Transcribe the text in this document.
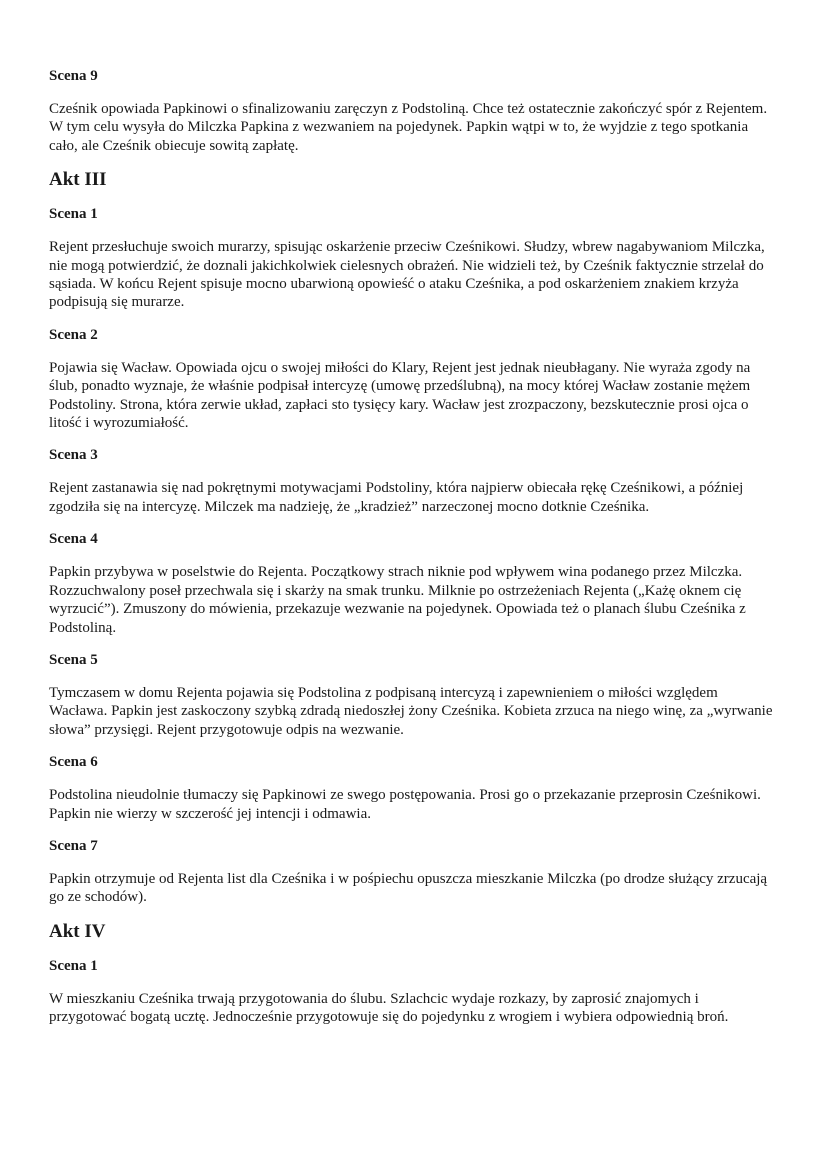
Scena 9

Cześnik opowiada Papkinowi o sfinalizowaniu zaręczyn z Podstoliną. Chce też ostatecznie zakończyć spór z Rejentem. W tym celu wysyła do Milczka Papkina z wezwaniem na pojedynek. Papkin wątpi w to, że wyjdzie z tego spotkania cało, ale Cześnik obiecuje sowitą zapłatę.

Akt III
Scena 1

Rejent przesłuchuje swoich murarzy, spisując oskarżenie przeciw Cześnikowi. Słudzy, wbrew nagabywaniom Milczka, nie mogą potwierdzić, że doznali jakichkolwiek cielesnych obrażeń. Nie widzieli też, by Cześnik faktycznie strzelał do sąsiada. W końcu Rejent spisuje mocno ubarwioną opowieść o ataku Cześnika, a pod oskarżeniem znakiem krzyża podpisują się murarze.

Scena 2

Pojawia się Wacław. Opowiada ojcu o swojej miłości do Klary, Rejent jest jednak nieubłagany. Nie wyraża zgody na ślub, ponadto wyznaje, że właśnie podpisał intercyzę (umowę przedślubną), na mocy której Wacław zostanie mężem Podstoliny. Strona, która zerwie układ, zapłaci sto tysięcy kary. Wacław jest zrozpaczony, bezskutecznie prosi ojca o litość i wyrozumiałość.

Scena 3

Rejent zastanawia się nad pokrętnymi motywacjami Podstoliny, która najpierw obiecała rękę Cześnikowi, a później zgodziła się na intercyzę. Milczek ma nadzieję, że „kradzież” narzeczonej mocno dotknie Cześnika.

Scena 4

Papkin przybywa w poselstwie do Rejenta. Początkowy strach niknie pod wpływem wina podanego przez Milczka. Rozzuchwalony poseł przechwala się i skarży na smak trunku. Milknie po ostrzeżeniach Rejenta („Każę oknem cię wyrzucić”). Zmuszony do mówienia, przekazuje wezwanie na pojedynek. Opowiada też o planach ślubu Cześnika z Podstoliną.

Scena 5

Tymczasem w domu Rejenta pojawia się Podstolina z podpisaną intercyzą i zapewnieniem o miłości względem Wacława. Papkin jest zaskoczony szybką zdradą niedoszłej żony Cześnika. Kobieta zrzuca na niego winę, za „wyrwanie słowa” przysięgi. Rejent przygotowuje odpis na wezwanie.

Scena 6

Podstolina nieudolnie tłumaczy się Papkinowi ze swego postępowania. Prosi go o przekazanie przeprosin Cześnikowi. Papkin nie wierzy w szczerość jej intencji i odmawia.

Scena 7

Papkin otrzymuje od Rejenta list dla Cześnika i w pośpiechu opuszcza mieszkanie Milczka (po drodze służący zrzucają go ze schodów).

Akt IV
Scena 1

W mieszkaniu Cześnika trwają przygotowania do ślubu. Szlachcic wydaje rozkazy, by zaprosić znajomych i przygotować bogatą ucztę. Jednocześnie przygotowuje się do pojedynku z wrogiem i wybiera odpowiednią broń.
